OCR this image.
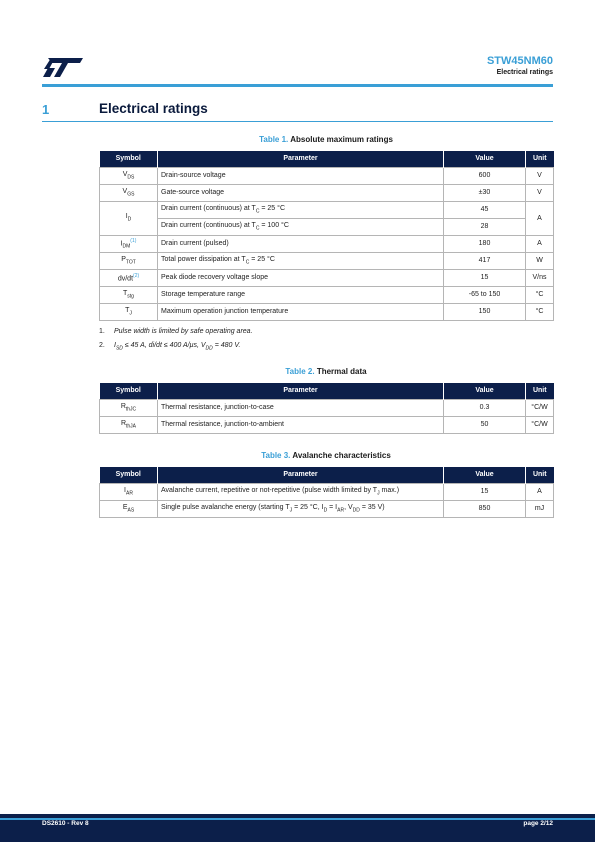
STW45NM60
Electrical ratings
1	Electrical ratings
Table 1. Absolute maximum ratings
Symbol	Parameter	Value	Unit
$V_{DS}$	Drain-source voltage	600	V
$V_{GS}$	Gate-source voltage	±30	V
$I_D$	Drain current (continuous) at $T_C = 25$ °C	45	A
	Drain current (continuous) at $T_C = 100$ °C	28	
$I_{DM}^{(1)}$	Drain current (pulsed)	180	A
$P_{TOT}$	Total power dissipation at $T_C = 25$ °C	417	W
dv/dt$^{(2)}$	Peak diode recovery voltage slope	15	V/ns
$T_{stg}$	Storage temperature range	-65 to 150	°C
$T_J$	Maximum operation junction temperature	150	°C
1. Pulse width is limited by safe operating area.
2. $I_{SD} \le 45$ A, di/dt ≤ 400 A/μs, $V_{DD} = 480$ V.
Table 2. Thermal data
Symbol	Parameter	Value	Unit
$R_{thJC}$	Thermal resistance, junction-to-case	0.3	°C/W
$R_{thJA}$	Thermal resistance, junction-to-ambient	50	°C/W
Table 3. Avalanche characteristics
Symbol	Parameter	Value	Unit
$I_{AR}$	Avalanche current, repetitive or not-repetitive (pulse width limited by $T_J$ max.)	15	A
$E_{AS}$	Single pulse avalanche energy (starting $T_J = 25$ °C, $I_D = I_{AR}$, $V_{DD} = 35$ V)	850	mJ
DS2610 - Rev 8	page 2/12
